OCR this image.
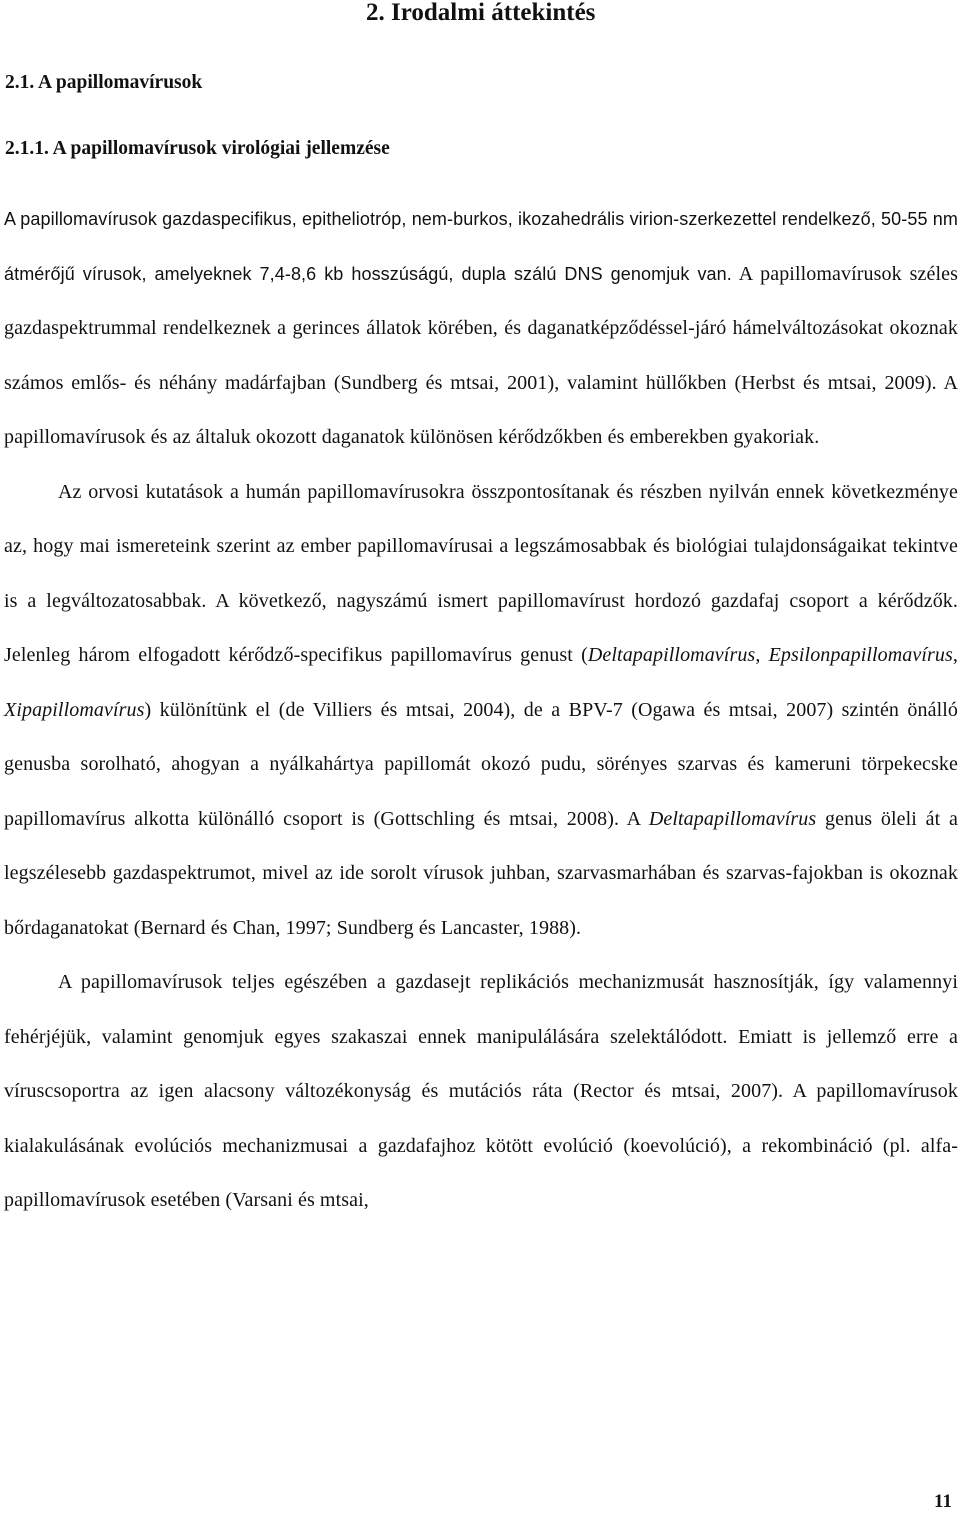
2. Irodalmi áttekintés
2.1. A papillomavírusok
2.1.1. A papillomavírusok virológiai jellemzése

A papillomavírusok gazdaspecifikus, epitheliotróp, nem-burkos, ikozahedrális virion-szerkezettel rendelkező, 50-55 nm átmérőjű vírusok, amelyeknek 7,4-8,6 kb hosszúságú, dupla szálú DNS genomjuk van. A papillomavírusok széles gazdaspektrummal rendelkeznek a gerinces állatok körében, és daganatképződéssel-járó hámelváltozásokat okoznak számos emlős- és néhány madárfajban (Sundberg és mtsai, 2001), valamint hüllőkben (Herbst és mtsai, 2009). A papillomavírusok és az általuk okozott daganatok különösen kérődzőkben és emberekben gyakoriak.

Az orvosi kutatások a humán papillomavírusokra összpontosítanak és részben nyilván ennek következménye az, hogy mai ismereteink szerint az ember papillomavírusai a legszámosabbak és biológiai tulajdonságaikat tekintve is a legváltozatosabbak. A következő, nagyszámú ismert papillomavírust hordozó gazdafaj csoport a kérődzők. Jelenleg három elfogadott kérődző-specifikus papillomavírus genust (Deltapapillomavírus, Epsilonpapillomavírus, Xipapillomavírus) különítünk el (de Villiers és mtsai, 2004), de a BPV-7 (Ogawa és mtsai, 2007) szintén önálló genusba sorolható, ahogyan a nyálkahártya papillomát okozó pudu, sörényes szarvas és kameruni törpekecske papillomavírus alkotta különálló csoport is (Gottschling és mtsai, 2008). A Deltapapillomavírus genus öleli át a legszélesebb gazdaspektrumot, mivel az ide sorolt vírusok juhban, szarvasmarhában és szarvas-fajokban is okoznak bőrdaganatokat (Bernard és Chan, 1997; Sundberg és Lancaster, 1988).

A papillomavírusok teljes egészében a gazdasejt replikációs mechanizmusát hasznosítják, így valamennyi fehérjéjük, valamint genomjuk egyes szakaszai ennek manipulálására szelektálódott. Emiatt is jellemző erre a víruscsoportra az igen alacsony változékonyság és mutációs ráta (Rector és mtsai, 2007). A papillomavírusok kialakulásának evolúciós mechanizmusai a gazdafajhoz kötött evolúció (koevolúció), a rekombináció (pl. alfa-papillomavírusok esetében (Varsani és mtsai,

11
